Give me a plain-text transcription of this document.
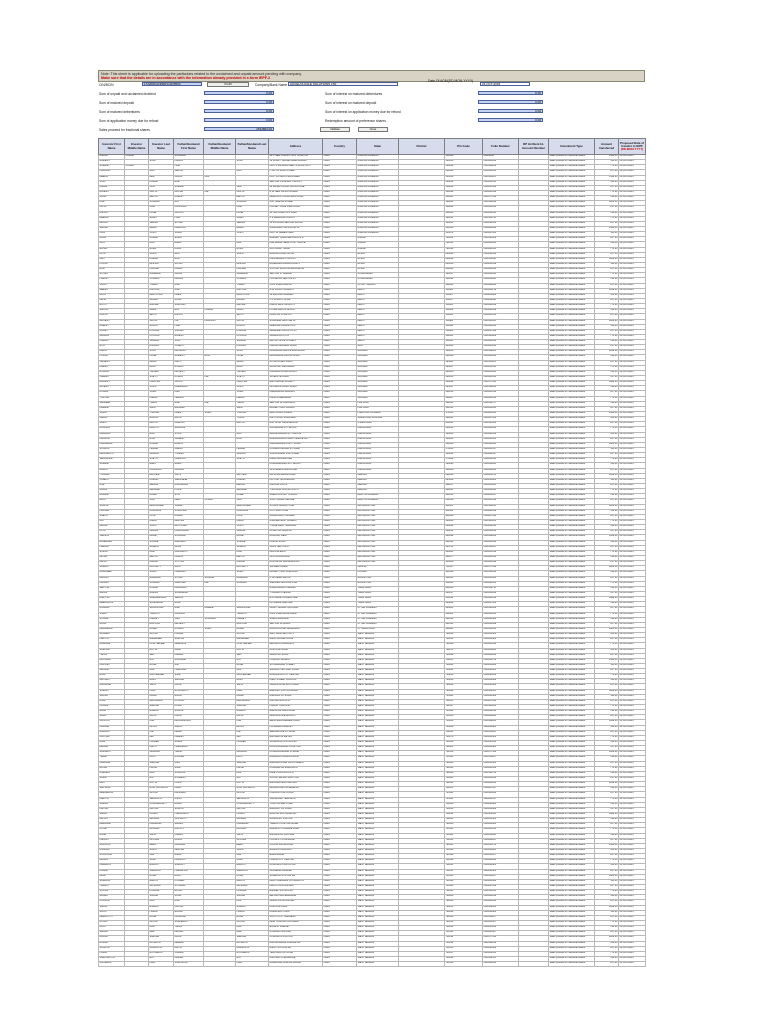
Note: This sheet is applicable for uploading the particulars related to the unclaimed and unpaid amount pending with company.
Make sure that the details are in accordance with the information already provided in e-form IEPF-2
CIN/BCIN	L72200KA1999PLC025564	Prefill	Company/Bank Name ACCELYA KALE SOLUTIONS LTD
Date Of AGM(DD-MON-YYYY)
23-OCT-2018
Sum of unpaid and unclaimed dividend	0.00
Sum of matured deposit	0.00
Sum of matured debentures	0.00
Sum of application money due for refund	0.00
Sales proceed for fractional shares	1534863.00
Sum of interest on matured debentures	0.00
Sum of interest on matured deposit	0.00
Sum of interest on application money due for refund	0.00
Redemption amount of preference shares	0.00
Validate	Clear
Investor First Name	Investor Middle Name	Investor Last Name	Father/Husband First Name	Father/Husband Middle Name	Father/Husband Last Name	Address	Country	State	District	Pin Code	Folio Number	DP Id-Client Id-Account Number	Investment Type	Amount transferred	Proposed Date of transfer to IEPF
(DD-MON-YYYY)

ANAND	KUMAR		SHANKAR			39 C NEW COLONY OPP HOSPITAL	INDIA	ANDHRA PRADESH		500034	A0001234		Sales proceed for fractional shares	1029.00	25-NOV-2025
RAMESH		SHAH	PRAVIN		SHAH	12 SHANTI NAGAR NEAR MARKET	INDIA	ANDHRA PRADESH		500016	IN30023912		Sales proceed for fractional shares	514.00	25-NOV-2025
SURESH	CHAND		HARI			FLAT 4 SAI APARTMENTS ROAD NO 3	INDIA	ANDHRA PRADESH		500038	IN30102220		Sales proceed for fractional shares	771.00	25-NOV-2025
PRAKASH		RAO	VENKAT		RAO	H NO 5-2 MAIN STREET	INDIA	ANDHRA PRADESH		520002	IN30039413		Sales proceed for fractional shares	257.00	25-NOV-2025
MEENA		DEVI	GOPAL	DAS		PLOT 22 INDUSTRIAL AREA	INDIA	ANDHRA PRADESH		530016	IN30115113		Sales proceed for fractional shares	1543.00	25-NOV-2025
VIJAY		KUMAR	RAM			SECTOR 5 RAILWAY COLONY	INDIA	ANDHRA PRADESH		500062	IN30051311		Sales proceed for fractional shares	514.00	25-NOV-2025
KAMAL		JAIN	SURESH		JAIN	22 GANDHI ROAD CROSS LANE	INDIA	ANDHRA PRADESH		500003	IN30045010		Sales proceed for fractional shares	257.00	25-NOV-2025
RAJESH		GUPTA	MOHAN	LAL	GUPTA	B 12 NEW ASHOK NAGAR	INDIA	ANDHRA PRADESH		500029	IN30021412		Sales proceed for fractional shares	771.00	25-NOV-2025
SUNIL		MEHTA	DINESH		MEHTA	NEAR BUS STAND MAIN ROAD	INDIA	ANDHRA PRADESH		500001	IN30177410		Sales proceed for fractional shares	514.00	25-NOV-2025
ANIL		SHARMA	RAJ		SHARMA	3/45 TEMPLE STREET	INDIA	ANDHRA PRADESH		500020	IN30154914		Sales proceed for fractional shares	1286.00	25-NOV-2025
PRIYA		NAIR	KRISHNAN		NAIR	HOUSE 7 LAKE VIEW ROAD	INDIA	ANDHRA PRADESH		500082	IN30051313		Sales proceed for fractional shares	257.00	25-NOV-2025
ASHOK		PATEL	JAYANTI		PATEL	14 HILL ROAD OPP PARK	INDIA	ANDHRA PRADESH		500004	IN30034311		Sales proceed for fractional shares	514.00	25-NOV-2025
DEEPAK		SINGH	HARI		SINGH	C 9 DEFENCE COLONY	INDIA	ANDHRA PRADESH		500011	IN30112716		Sales proceed for fractional shares	771.00	25-NOV-2025
MANOJ		VERMA	SHYAM		VERMA	56 MG ROAD SECOND FLOOR	INDIA	ANDHRA PRADESH		500025	IN30018310		Sales proceed for fractional shares	257.00	25-NOV-2025
SANJAY		REDDY	NARAYAN		REDDY	2 BANJARA HILLS ROAD 12	INDIA	ANDHRA PRADESH		500034	IN30286310		Sales proceed for fractional shares	1029.00	25-NOV-2025
LATA		JOSHI	VINOD		JOSHI	FLAT 10 GREEN PARK	INDIA	ANDHRA PRADESH		500072	IN30047641		Sales proceed for fractional shares	514.00	25-NOV-2025
ARUN		KUMAR	SOMA			RAILWAY QUARTERS BLOCK B	INDIA	ASSAM		781001	IN30125028		Sales proceed for fractional shares	257.00	25-NOV-2025
GITA		DAS	BIMAL		DAS	PAN BAZAR NEAR POST OFFICE	INDIA	ASSAM		781001	IN30009511		Sales proceed for fractional shares	514.00	25-NOV-2025
RAHUL		BORA	DIPAK		BORA	ZOO ROAD TINIALI	INDIA	ASSAM		781024	IN30021411		Sales proceed for fractional shares	771.00	25-NOV-2025
NITIN		SINHA	AJAY		SINHA	BORING ROAD PATNA	INDIA	BIHAR		800001	IN30039412		Sales proceed for fractional shares	257.00	25-NOV-2025
AMIT		KUMAR	RAVI			KANKARBAGH COLONY	INDIA	BIHAR		800020	IN30114310		Sales proceed for fractional shares	1286.00	25-NOV-2025
POOJA		MISHRA	SATISH		MISHRA	RAJENDRA NAGAR ROAD 3	INDIA	BIHAR		800016	IN30051312		Sales proceed for fractional shares	514.00	25-NOV-2025
RAVI		PRASAD	KAMAL		PRASAD	STATION ROAD MUZAFFARPUR	INDIA	BIHAR		842001	IN30021413		Sales proceed for fractional shares	257.00	25-NOV-2025
SHYAM		AGARWAL	GOPAL		AGARWAL	SECTOR 17 MARKET	INDIA	CHANDIGARH		160017	IN30236510		Sales proceed for fractional shares	771.00	25-NOV-2025
HARISH		CHAWLA	MADAN		CHAWLA	HOUSE 233 SECTOR 21	INDIA	CHANDIGARH		160022	IN30011812		Sales proceed for fractional shares	514.00	25-NOV-2025
VIKAS		TIWARI	RAM		TIWARI	CIVIL LINES RAIPUR	INDIA	CHHATTISGARH		492001	IN30088814		Sales proceed for fractional shares	257.00	25-NOV-2025
SEEMA		KAPOOR	ANIL		KAPOOR	A 24 LAJPAT NAGAR II	INDIA	DELHI		110024	IN30016710		Sales proceed for fractional shares	1029.00	25-NOV-2025
RAJIV		MALHOTRA	PREM		MALHOTRA	12 RAJOURI GARDEN	INDIA	DELHI		110027	IN30036020		Sales proceed for fractional shares	514.00	25-NOV-2025
NEHA		ARORA	SUNIL		ARORA	C 5 VASANT VIHAR	INDIA	DELHI		110057	IN30011810		Sales proceed for fractional shares	257.00	25-NOV-2025
ROHIT		BANSAL	SUBHASH		BANSAL	KAROL BAGH BLOCK 9	INDIA	DELHI		110005	IN30020610		Sales proceed for fractional shares	771.00	25-NOV-2025
SACHIN		GARG	RAJ	KUMAR	GARG	PITAMPURA KP BLOCK	INDIA	DELHI		110034	IN30039416		Sales proceed for fractional shares	514.00	25-NOV-2025
KAVITA		SETHI	ASHOK		SETHI	PASCHIM VIHAR A 4	INDIA	DELHI		110063	IN30051314		Sales proceed for fractional shares	257.00	25-NOV-2025
MAHESH		GOYAL	OM	PRAKASH	GOYAL	SHALIMAR BAGH BE 12	INDIA	DELHI		110088	IN30114311		Sales proceed for fractional shares	1286.00	25-NOV-2025
DINESH		BHATIA	HARI		BHATIA	GREATER KAILASH M 9	INDIA	DELHI		110048	IN30021414		Sales proceed for fractional shares	514.00	25-NOV-2025
ANJALI		KHANNA	VIKRAM		KHANNA	DEFENCE COLONY D 45	INDIA	DELHI		110024	IN30047642		Sales proceed for fractional shares	257.00	25-NOV-2025
GAURAV		CHOPRA	RAJESH		CHOPRA	JANAKPURI C 2 B	INDIA	DELHI		110058	IN30125029		Sales proceed for fractional shares	771.00	25-NOV-2025
PANKAJ		SAXENA	VIJAY		SAXENA	MAYUR VIHAR PHASE 1	INDIA	DELHI		110091	IN30009512		Sales proceed for fractional shares	514.00	25-NOV-2025
RITA		DSOUZA	JOSEPH		DSOUZA	PANJIM MIRAMAR ROAD	INDIA	GOA		403001	IN30023913		Sales proceed for fractional shares	257.00	25-NOV-2025
KIRAN		SHAH	MANSUKH		SHAH	NAVRANGPURA ASHRAM ROAD	INDIA	GUJARAT		380009	IN30102221		Sales proceed for fractional shares	1029.00	25-NOV-2025
HITESH		PATEL	RAMESH	BHAI	PATEL	MANINAGAR CROSS ROAD	INDIA	GUJARAT		380008	IN30039414		Sales proceed for fractional shares	514.00	25-NOV-2025
JIGNESH		DESAI	KANTI		DESAI	ATHWA LINES SURAT	INDIA	GUJARAT		395001	IN30115114		Sales proceed for fractional shares	257.00	25-NOV-2025
NILESH		MODI	BHARAT		MODI	ALKAPURI VADODARA	INDIA	GUJARAT		390007	IN30051315		Sales proceed for fractional shares	771.00	25-NOV-2025
BHAVNA		TRIVEDI	MAHESH		TRIVEDI	KALAWAD ROAD RAJKOT	INDIA	GUJARAT		360005	IN30045011		Sales proceed for fractional shares	514.00	25-NOV-2025
PARESH		SHETH	DHIRAJ	LAL	SHETH	SATELLITE ROAD	INDIA	GUJARAT		380015	IN30021415		Sales proceed for fractional shares	257.00	25-NOV-2025
MUKESH		PANCHAL	JAYANT		PANCHAL	BAPUNAGAR SOCIETY	INDIA	GUJARAT		380024	IN30177411		Sales proceed for fractional shares	1286.00	25-NOV-2025
ALPESH		JOSHI	NARENDRA		JOSHI	GHODDOD ROAD SURAT	INDIA	GUJARAT		395007	IN30154915		Sales proceed for fractional shares	514.00	25-NOV-2025
DHAVAL		VORA	KIRIT		VORA	KARELIBAUG BARODA	INDIA	GUJARAT		390018	IN30051316		Sales proceed for fractional shares	257.00	25-NOV-2025
TUSHAR		PARIKH	HEMANT		PARIKH	PALDI AHMEDABAD	INDIA	GUJARAT		380007	IN30034312		Sales proceed for fractional shares	771.00	25-NOV-2025
SANDEEP		YADAV	RAM	PAL	YADAV	SECTOR 14 GURGAON	INDIA	HARYANA		122001	IN30112717		Sales proceed for fractional shares	514.00	25-NOV-2025
NARESH		SAINI	BALWANT		SAINI	MODEL TOWN PANIPAT	INDIA	HARYANA		132103	IN30018311		Sales proceed for fractional shares	257.00	25-NOV-2025
VINOD		THAKUR	PREM	SINGH	THAKUR	MALL ROAD SHIMLA	INDIA	HIMACHAL PRADESH		171001	IN30286311		Sales proceed for fractional shares	1029.00	25-NOV-2025
ABDUL		RASHID	MOHD		YUSUF	LAL CHOWK SRINAGAR	INDIA	JAMMU AND KASHMIR		190001	IN30047643		Sales proceed for fractional shares	514.00	25-NOV-2025
SUMIT		MAHTO	JAGDISH		MAHTO	BISTUPUR JAMSHEDPUR	INDIA	JHARKHAND		831001	IN30125030		Sales proceed for fractional shares	257.00	25-NOV-2025
KRISHNA		MURTHY	SRINIVAS			JAYANAGAR 4TH BLOCK	INDIA	KARNATAKA		560011	IN30009513		Sales proceed for fractional shares	771.00	25-NOV-2025
NAGARAJ		RAO	SHIVA		RAO	MALLESWARAM 8TH CROSS	INDIA	KARNATAKA		560003	IN30021416		Sales proceed for fractional shares	514.00	25-NOV-2025
LAKSHMI		BHAT	GANESH		BHAT	BASAVANAGUDI BULL TEMPLE RD	INDIA	KARNATAKA		560004	IN30039415		Sales proceed for fractional shares	257.00	25-NOV-2025
PRASANNA		KUMAR	RAGHU			INDIRANAGAR 100 FT ROAD	INDIA	KARNATAKA		560038	IN30114312		Sales proceed for fractional shares	1286.00	25-NOV-2025
SHOBHA		HEGDE	UMESH		HEGDE	KUVEMPUNAGAR MYSORE	INDIA	KARNATAKA		570023	IN30051317		Sales proceed for fractional shares	514.00	25-NOV-2025
MANJUNATH		GOWDA	THIMMA		GOWDA	VIJAYANAGAR 2ND STAGE	INDIA	KARNATAKA		560040	IN30021417		Sales proceed for fractional shares	257.00	25-NOV-2025
VENKATESH		SHETTY	NARAYAN		SHETTY	KADRI MANGALORE	INDIA	KARNATAKA		575002	IN30236511		Sales proceed for fractional shares	771.00	25-NOV-2025
SURESH		BABU	RAMA			KORAMANGALA 5TH BLOCK	INDIA	KARNATAKA		560095	IN30011813		Sales proceed for fractional shares	514.00	25-NOV-2025
RADHA		KRISHNAN	GOPALA			WHITEFIELD MAIN ROAD	INDIA	KARNATAKA		560066	IN30088815		Sales proceed for fractional shares	257.00	25-NOV-2025
THOMAS		MATHEW	JOHN		MATHEW	MG ROAD ERNAKULAM	INDIA	KERALA		682016	IN30016711		Sales proceed for fractional shares	1029.00	25-NOV-2025
JOSEPH		KURIAN	VARGHESE		KURIAN	PATTOM TRIVANDRUM	INDIA	KERALA		695004	IN30036021		Sales proceed for fractional shares	514.00	25-NOV-2025
ANIL		MENON	RAVINDRAN		MENON	KALOOR KOCHI	INDIA	KERALA		682017	IN30011811		Sales proceed for fractional shares	257.00	25-NOV-2025
SAJAN		GEORGE	PHILIP		GEORGE	THRISSUR ROUND SOUTH	INDIA	KERALA		680001	IN30020611		Sales proceed for fractional shares	771.00	25-NOV-2025
RAKESH		DUBEY	SHIV		DUBEY	ARERA COLONY BHOPAL	INDIA	MADHYA PRADESH		462016	IN30039417		Sales proceed for fractional shares	514.00	25-NOV-2025
ALOK		JAIN	NEMI	CHAND	JAIN	VIJAY NAGAR INDORE	INDIA	MADHYA PRADESH		452010	IN30051318		Sales proceed for fractional shares	257.00	25-NOV-2025
SUDHIR		DESHPANDE	VASANT		DESHPANDE	SHIVAJI NAGAR PUNE	INDIA	MAHARASHTRA		411005	IN30114313		Sales proceed for fractional shares	1286.00	25-NOV-2025
PRASAD		KULKARNI	SHRIDHAR		KULKARNI	KOTHRUD PUNE	INDIA	MAHARASHTRA		411038	IN30021418		Sales proceed for fractional shares	514.00	25-NOV-2025
SNEHA		PATIL	ANAND		PATIL	DADAR WEST MUMBAI	INDIA	MAHARASHTRA		400028	IN30047644		Sales proceed for fractional shares	257.00	25-NOV-2025
AJIT		KAMAT	MADHAV		KAMAT	ANDHERI EAST MUMBAI	INDIA	MAHARASHTRA		400069	IN30125031		Sales proceed for fractional shares	771.00	25-NOV-2025
MILIND		JOSHI	DATTATRAY		JOSHI	THANE WEST NAUPADA	INDIA	MAHARASHTRA		400602	IN30009514		Sales proceed for fractional shares	514.00	25-NOV-2025
NITIN		GADGIL	PRABHAKAR		GADGIL	DHANTOLI NAGPUR	INDIA	MAHARASHTRA		440012	IN30023914		Sales proceed for fractional shares	257.00	25-NOV-2025
VARSHA		MORE	SHANKAR		MORE	BORIVALI WEST	INDIA	MAHARASHTRA		400092	IN30102222		Sales proceed for fractional shares	1029.00	25-NOV-2025
RAJENDRA		SHINDE	BABURAO		SHINDE	NASHIK ROAD	INDIA	MAHARASHTRA		422101	IN30039418		Sales proceed for fractional shares	514.00	25-NOV-2025
HEMANT		SAWANT	ARUN		SAWANT	VASHI SECTOR 17	INDIA	MAHARASHTRA		400703	IN30115115		Sales proceed for fractional shares	257.00	25-NOV-2025
SHILPA		NAIK	GURUNATH		NAIK	MULUND EAST	INDIA	MAHARASHTRA		400081	IN30051319		Sales proceed for fractional shares	771.00	25-NOV-2025
KETAN		MEHTA	PRAVIN		MEHTA	GHATKOPAR EAST	INDIA	MAHARASHTRA		400077	IN30045012		Sales proceed for fractional shares	514.00	25-NOV-2025
ABHAY		KADAM	VITTHAL		KADAM	KOLHAPUR RAJARAMPURI	INDIA	MAHARASHTRA		416008	IN30021419		Sales proceed for fractional shares	257.00	25-NOV-2025
SUBRAT		MOHANTY	BIPIN		MOHANTY	SAHEED NAGAR	INDIA	ORISSA		751007	IN30177412		Sales proceed for fractional shares	1286.00	25-NOV-2025
GURPREET		SINGH	HARBANS		SINGH	MODEL TOWN LUDHIANA	INDIA	PUNJAB		141002	IN30154916		Sales proceed for fractional shares	514.00	25-NOV-2025
MANISH		AGARWAL	SHYAM	SUNDAR	AGARWAL	C SCHEME JAIPUR	INDIA	RAJASTHAN		302001	IN30051320		Sales proceed for fractional shares	257.00	25-NOV-2025
LOKESH		SHARMA	GIRDHARI	LAL	SHARMA	SARDARPURA JODHPUR	INDIA	RAJASTHAN		342003	IN30034313		Sales proceed for fractional shares	771.00	25-NOV-2025
SENTHIL		KUMAR	MURUGAN			ANNA NAGAR CHENNAI	INDIA	TAMIL NADU		600040	IN30112718		Sales proceed for fractional shares	514.00	25-NOV-2025
BALAJI		RAMAN	SUNDARAM			T NAGAR CHENNAI	INDIA	TAMIL NADU		600017	IN30018312		Sales proceed for fractional shares	257.00	25-NOV-2025
KARTHIK		SUBRAMANIAN	VENKAT			RS PURAM COIMBATORE	INDIA	TAMIL NADU		641002	IN30286312		Sales proceed for fractional shares	1029.00	25-NOV-2025
MEENAKSHI		SUNDARAM	RAJA			KK NAGAR MADURAI	INDIA	TAMIL NADU		625020	IN30047645		Sales proceed for fractional shares	514.00	25-NOV-2025
ANURAG		SRIVASTAVA	RAM	NARESH	SRIVASTAVA	GOMTI NAGAR LUCKNOW	INDIA	UTTAR PRADESH		226010	IN30125032		Sales proceed for fractional shares	257.00	25-NOV-2025
VIVEK		TRIPATHI	KRISHNA		TRIPATHI	CIVIL LINES ALLAHABAD	INDIA	UTTAR PRADESH		211001	IN30009515		Sales proceed for fractional shares	771.00	25-NOV-2025
SHIVAM		PANDEY	UMA	SHANKAR	PANDEY	SIGRA VARANASI	INDIA	UTTAR PRADESH		221010	IN30021420		Sales proceed for fractional shares	514.00	25-NOV-2025
RAJAT		RASTOGI	MAHESH		RASTOGI	SECTOR 18 NOIDA	INDIA	UTTAR PRADESH		201301	IN30039419		Sales proceed for fractional shares	257.00	25-NOV-2025
DEVENDRA		RAWAT	BHAGAT	SINGH	RAWAT	RAJPUR ROAD DEHRADUN	INDIA	UTTARAKHAND		248001	IN30114314		Sales proceed for fractional shares	1286.00	25-NOV-2025
SOUMEN		GHOSH	PRABIR		GHOSH	SALT LAKE SECTOR 1	INDIA	WEST BENGAL		700064	IN30051321		Sales proceed for fractional shares	514.00	25-NOV-2025
PARTHA		BANERJEE	SUBHAS		BANERJEE	BALLYGUNGE PLACE	INDIA	WEST BENGAL		700019	IN30021421		Sales proceed for fractional shares	257.00	25-NOV-2025
ARINDAM		CHATTERJEE	DEBASHIS		CHATTERJEE	BEHALA CHOWRASTA	INDIA	WEST BENGAL		700034	IN30236512		Sales proceed for fractional shares	771.00	25-NOV-2025
SUBHAJIT		DUTTA	AMAL		DUTTA	DUM DUM ROAD	INDIA	WEST BENGAL		700074	IN30011814		Sales proceed for fractional shares	514.00	25-NOV-2025
TAPAS		SEN	NIRMAL		SEN	GARIAHAT ROAD	INDIA	WEST BENGAL		700029	IN30088816		Sales proceed for fractional shares	257.00	25-NOV-2025
MOUSUMI		ROY	SUKUMAR		ROY	HOWRAH MAIDAN	INDIA	WEST BENGAL		711101	IN30016712		Sales proceed for fractional shares	1029.00	25-NOV-2025
KAUSHIK		BOSE	ASIT		BOSE	SHYAMBAZAR STREET	INDIA	WEST BENGAL		700004	IN30036022		Sales proceed for fractional shares	514.00	25-NOV-2025
SWAPAN		DAS	HARIPADA		DAS	SILIGURI HILL CART ROAD	INDIA	WEST BENGAL		734001	IN30011815		Sales proceed for fractional shares	257.00	25-NOV-2025
RAJA		MUKHERJEE	SISIR		MUKHERJEE	DURGAPUR CITY CENTRE	INDIA	WEST BENGAL		713216	IN30020612		Sales proceed for fractional shares	771.00	25-NOV-2025
AMITABH		BASU	SANKAR		BASU	PARK STREET KOLKATA	INDIA	WEST BENGAL		700016	IN30039420		Sales proceed for fractional shares	514.00	25-NOV-2025
DIPANKAR		SAHA	GOUR		SAHA	JADAVPUR 8B BUS STAND	INDIA	WEST BENGAL		700032	IN30051322		Sales proceed for fractional shares	257.00	25-NOV-2025
SURAJIT		PAUL	BHOLANATH		PAUL	BARASAT STATION ROAD	INDIA	WEST BENGAL		700124	IN30114315		Sales proceed for fractional shares	1286.00	25-NOV-2025
SANJIB		NANDI	RANJIT		NANDI	ASANSOL GT ROAD	INDIA	WEST BENGAL		713301	IN30021422		Sales proceed for fractional shares	514.00	25-NOV-2025
ANUP		MAJUMDAR	KHOKAN		MAJUMDAR	KALYANI BLOCK B	INDIA	WEST BENGAL		741235	IN30047646		Sales proceed for fractional shares	257.00	25-NOV-2025
PROBIR		SARKAR	NIHAR		SARKAR	HALDIA TOWNSHIP	INDIA	WEST BENGAL		721607	IN30125033		Sales proceed for fractional shares	771.00	25-NOV-2025
RANA		BISWAS	SUDHIR		BISWAS	BARUIPUR MAIN ROAD	INDIA	WEST BENGAL		743302	IN30009516		Sales proceed for fractional shares	514.00	25-NOV-2025
SUDIP		GUHA	KANAI		GUHA	NEW ALIPORE BLOCK L	INDIA	WEST BENGAL		700053	IN30023915		Sales proceed for fractional shares	257.00	25-NOV-2025
JAYANTA		KAR	MANORANJAN		KAR	BELGHARIA FEEDER ROAD	INDIA	WEST BENGAL		700056	IN30102223		Sales proceed for fractional shares	1029.00	25-NOV-2025
PRANAB		MITRA	SAROJ		MITRA	HATIBAGAN MARKET	INDIA	WEST BENGAL		700006	IN30039421		Sales proceed for fractional shares	514.00	25-NOV-2025
BISWAJIT		PAL	NEPAL		PAL	SERAMPORE GT ROAD	INDIA	WEST BENGAL		712201	IN30115116		Sales proceed for fractional shares	257.00	25-NOV-2025
GOUTAM		DEY	PARESH		DEY	BANSDRONI METRO	INDIA	WEST BENGAL		700070	IN30051323		Sales proceed for fractional shares	771.00	25-NOV-2025
ASIM		HALDER	SUBAL		HALDER	SONARPUR STATION RD	INDIA	WEST BENGAL		700150	IN30045013		Sales proceed for fractional shares	514.00	25-NOV-2025
MRINAL		KANTI	HARENDRA			KRISHNANAGAR COURT RD	INDIA	WEST BENGAL		741101	IN30021423		Sales proceed for fractional shares	257.00	25-NOV-2025
SOMNATH		GANGULY	TARUN		GANGULY	CHANDANNAGAR STRAND	INDIA	WEST BENGAL		712136	IN30177413		Sales proceed for fractional shares	1286.00	25-NOV-2025
TARAK		NATH	BHUPEN		NATH	BURDWAN CURZON GATE	INDIA	WEST BENGAL		713101	IN30154917		Sales proceed for fractional shares	514.00	25-NOV-2025
INDRANIL		SARKAR	DILIP		SARKAR	BARRACKPORE CANTONMENT	INDIA	WEST BENGAL		700120	IN30051324		Sales proceed for fractional shares	257.00	25-NOV-2025
RATAN		LAHIRI	SISIR		LAHIRI	KHARAGPUR MALANCHA	INDIA	WEST BENGAL		721301	IN30034314		Sales proceed for fractional shares	771.00	25-NOV-2025
ANIRBAN		DAS	SUSANTA		DAS	LAKE TOWN BLOCK A	INDIA	WEST BENGAL		700089	IN30112719		Sales proceed for fractional shares	514.00	25-NOV-2025
SUBIR		ROY	BHABESH		ROY	COOCH BEHAR SUNITI RD	INDIA	WEST BENGAL		736101	IN30018313		Sales proceed for fractional shares	257.00	25-NOV-2025
AMIT		DUTTA	PULIN		DUTTA	BANKURA MACHANTALA	INDIA	WEST BENGAL		722101	IN30286313		Sales proceed for fractional shares	1029.00	25-NOV-2025
SANTANU		BHATTACHARYA	NIMAI		BHATTACHARYA	MIDNAPORE COLLEGE RD	INDIA	WEST BENGAL		721101	IN30047647		Sales proceed for fractional shares	514.00	25-NOV-2025
DEBABRATA		GHOSH	KALIPADA		GHOSH	PURULIA STATION RD	INDIA	WEST BENGAL		723101	IN30125034		Sales proceed for fractional shares	257.00	25-NOV-2025
PARTHA		SENGUPTA	ASHIS		SENGUPTA	JALPAIGURI TEMPLE ST	INDIA	WEST BENGAL		735101	IN30009517		Sales proceed for fractional shares	771.00	25-NOV-2025
SUMAN		CHAKRABORTY	RABIN		CHAKRABORTY	TOLLYGUNGE PHARI	INDIA	WEST BENGAL		700040	IN30021424		Sales proceed for fractional shares	514.00	25-NOV-2025
KALYAN		MAITRA	SUDHIN		MAITRA	BAGUIATI VIP ROAD	INDIA	WEST BENGAL		700059	IN30039422		Sales proceed for fractional shares	257.00	25-NOV-2025
SAMIR		KUNDU	HIMANGSHU		KUNDU	BOLPUR SANTINIKETAN	INDIA	WEST BENGAL		731204	IN30114316		Sales proceed for fractional shares	1286.00	25-NOV-2025
ABHIJIT		MANDAL	GOPINATH		MANDAL	RANAGHAT STATION	INDIA	WEST BENGAL		741201	IN30051325		Sales proceed for fractional shares	514.00	25-NOV-2025
DEBASISH		PRAMANIK	SAILEN		PRAMANIK	TAMLUK HOSPITAL MORE	INDIA	WEST BENGAL		721636	IN30021425		Sales proceed for fractional shares	257.00	25-NOV-2025
UTPAL		MONDAL	BIBHUTI		MONDAL	BASIRHAT COLLEGE PARA	INDIA	WEST BENGAL		743411	IN30236513		Sales proceed for fractional shares	771.00	25-NOV-2025
RAJIB		SAHA	NAREN		SAHA	BALURGHAT KACHARI	INDIA	WEST BENGAL		733101	IN30011816		Sales proceed for fractional shares	514.00	25-NOV-2025
PALASH		GHOSAL	DULAL		GHOSAL	HOOGHLY CHINSURAH	INDIA	WEST BENGAL		712101	IN30088817		Sales proceed for fractional shares	257.00	25-NOV-2025
SUKANTA		BERA	GOBINDA		BERA	CONTAI DIGHA ROAD	INDIA	WEST BENGAL		721401	IN30016713		Sales proceed for fractional shares	1029.00	25-NOV-2025
ANUPAM		SINHA	KESHAB		SINHA	RAIGANJ UKILPARA	INDIA	WEST BENGAL		733134	IN30036023		Sales proceed for fractional shares	514.00	25-NOV-2025
SHANTANU		GIRI	BIMAL		GIRI	EGRA BAZAR	INDIA	WEST BENGAL		721429	IN30011817		Sales proceed for fractional shares	257.00	25-NOV-2025
MANAS		JANA	PASUPATI		JANA	HALDIA CITY CENTRE	INDIA	WEST BENGAL		721602	IN30020613		Sales proceed for fractional shares	771.00	25-NOV-2025
NIRMALYA		BAGCHI	SUBODH		BAGCHI	DHAKURIA STATION RD	INDIA	WEST BENGAL		700031	IN30039423		Sales proceed for fractional shares	514.00	25-NOV-2025
PRADIP		SAMANTA	HARADHAN		SAMANTA	ULUBERIA KALIBARI	INDIA	WEST BENGAL		711315	IN30051326		Sales proceed for fractional shares	257.00	25-NOV-2025
ARUP		DHAR	BINOY		DHAR	SODEPUR STATION RD	INDIA	WEST BENGAL		700110	IN30114317		Sales proceed for fractional shares	1286.00	25-NOV-2025
SUBRATA		BAIDYA	KHAGEN		BAIDYA	MADHYAMGRAM CHOWMATHA	INDIA	WEST BENGAL		700129	IN30021426		Sales proceed for fractional shares	514.00	25-NOV-2025
TANMOY		ADHIKARI	SHYAMAL		ADHIKARI	NAIHATI GHOSHPARA	INDIA	WEST BENGAL		743165	IN30047648		Sales proceed for fractional shares	257.00	25-NOV-2025
SOUVIK		PODDAR	RATAN		PODDAR	BANDEL STATION RD	INDIA	WEST BENGAL		712123	IN30125035		Sales proceed for fractional shares	771.00	25-NOV-2025
ARNAB		SIKDAR	SUNIL		SIKDAR	BEHALA SAKHERBAZAR	INDIA	WEST BENGAL		700008	IN30009518		Sales proceed for fractional shares	514.00	25-NOV-2025
KOUSHIK		DAS	ANIL		DAS	GARIA STATION ROAD	INDIA	WEST BENGAL		700084	IN30023916		Sales proceed for fractional shares	257.00	25-NOV-2025
SAIKAT		BISWAS	KALYAN		BISWAS	DUM DUM PARK	INDIA	WEST BENGAL		700055	IN30102224		Sales proceed for fractional shares	1029.00	25-NOV-2025
SUJOY		HAZRA	BIPLAB		HAZRA	KASBA RATHTALA	INDIA	WEST BENGAL		700042	IN30039424		Sales proceed for fractional shares	514.00	25-NOV-2025
DEBAJYOTI		BOSE	PROBODH		BOSE	SOUTH CITY GARDENS	INDIA	WEST BENGAL		700068	IN30115117		Sales proceed for fractional shares	257.00	25-NOV-2025
RITWIK		GHOSH	SUBHENDU		GHOSH	NEW TOWN ACTION AREA	INDIA	WEST BENGAL		700156	IN30051327		Sales proceed for fractional shares	771.00	25-NOV-2025
AVIJIT		NAG	TAPAN		NAG	ENTALLY MARKET	INDIA	WEST BENGAL		700014	IN30045014		Sales proceed for fractional shares	514.00	25-NOV-2025
SANDIP		DEB	MRINAL		DEB	KHARDAH RAHARA	INDIA	WEST BENGAL		700118	IN30021427		Sales proceed for fractional shares	257.00	25-NOV-2025
BIPLAB		SARKAR	GOUR		SARKAR	CHAKDAHA STATION	INDIA	WEST BENGAL		741222	IN30177414		Sales proceed for fractional shares	1286.00	25-NOV-2025
RUPAM		ACHARYA	DEBESH		ACHARYA	BIDHANNAGAR DURGAPUR	INDIA	WEST BENGAL		713212	IN30154918		Sales proceed for fractional shares	514.00	25-NOV-2025
SOUMYA		DASGUPTA	AMIYA		DASGUPTA	BIRATI STATION RD	INDIA	WEST BENGAL		700051	IN30051328		Sales proceed for fractional shares	257.00	25-NOV-2025
PINAKI		BHOWMICK	JOGESH		BHOWMICK	TEGHORIA VIP ROAD	INDIA	WEST BENGAL		700157	IN30034315		Sales proceed for fractional shares	771.00	25-NOV-2025
SIDDHARTHA		ROY	NRIPEN		ROY	KAIKHALI CHIRIAMORE	INDIA	WEST BENGAL		700052	IN30112720		Sales proceed for fractional shares	514.00	25-NOV-2025
DIBYENDU		PAUL	SUDHANSU		PAUL	AGARPARA SUBHAS NAGAR	INDIA	WEST BENGAL		700109	IN30018314		Sales proceed for fractional shares	257.00	25-NOV-2025
